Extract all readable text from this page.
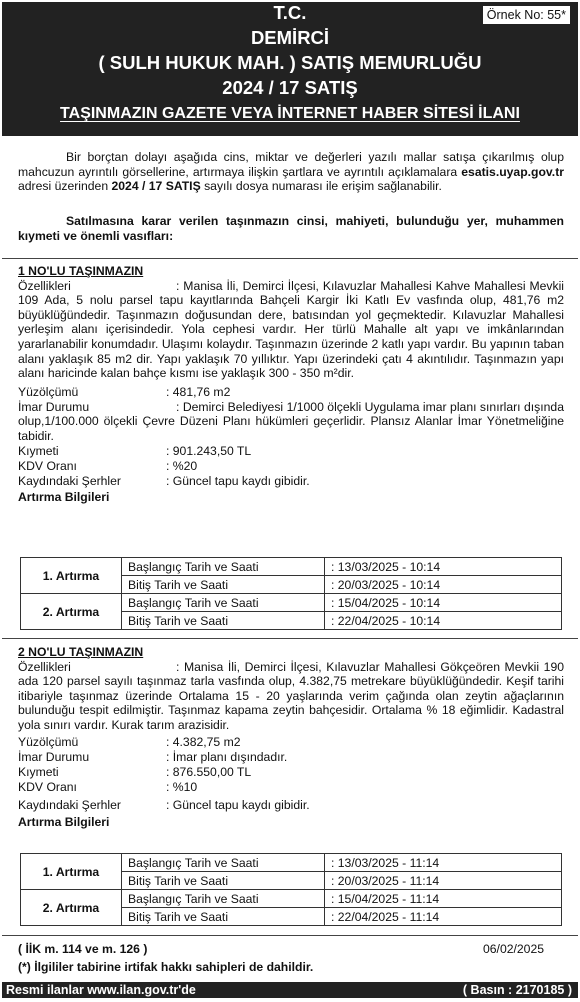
Örnek No: 55*
T.C.
DEMİRCİ
( SULH HUKUK MAH. ) SATIŞ MEMURLUĞU
2024 / 17 SATIŞ
TAŞINMAZIN GAZETE VEYA İNTERNET HABER SİTESİ İLANI

Bir borçtan dolayı aşağıda cins, miktar ve değerleri yazılı mallar satışa çıkarılmış olup mahcuzun ayrıntılı görsellerine, artırmaya ilişkin şartlara ve ayrıntılı açıklamalara esatis.uyap.gov.tr adresi üzerinden 2024 / 17 SATIŞ sayılı dosya numarası ile erişim sağlanabilir.

Satılmasına karar verilen taşınmazın cinsi, mahiyeti, bulunduğu yer, muhammen kıymeti ve önemli vasıfları:
1 NO'LU TAŞINMAZIN
Özellikleri	: Manisa İli, Demirci İlçesi, Kılavuzlar Mahallesi Kahve Mahallesi Mevkii 109 Ada, 5 nolu parsel tapu kayıtlarında Bahçeli Kargir İki Katlı Ev vasfında olup, 481,76 m2 büyüklüğündedir. Taşınmazın doğusundan dere, batısından yol geçmektedir. Kılavuzlar Mahallesi yerleşim alanı içerisindedir. Yola cephesi vardır. Her türlü Mahalle alt yapı ve imkânlarından yararlanabilir konumdadır. Ulaşımı kolaydır. Taşınmazın üzerinde 2 katlı yapı vardır. Bu yapının taban alanı yaklaşık 85 m2 dir. Yapı yaklaşık 70 yıllıktır. Yapı üzerindeki çatı 4 akıntılıdır. Taşınmazın yapı alanı haricinde kalan bahçe kısmı ise yaklaşık 300 - 350 m²dir.
Yüzölçümü	: 481,76 m2
İmar Durumu	: Demirci Belediyesi 1/1000 ölçekli Uygulama imar planı sınırları dışında olup,1/100.000 ölçekli Çevre Düzeni Planı hükümleri geçerlidir. Plansız Alanlar İmar Yönetmeliğine tabidir.
Kıymeti	: 901.243,50 TL
KDV Oranı	: %20
Kaydındaki Şerhler	: Güncel tapu kaydı gibidir.
Artırma Bilgileri
1. Artırma	Başlangıç Tarih ve Saati	: 13/03/2025 - 10:14
	Bitiş Tarih ve Saati	: 20/03/2025 - 10:14
2. Artırma	Başlangıç Tarih ve Saati	: 15/04/2025 - 10:14
	Bitiş Tarih ve Saati	: 22/04/2025 - 10:14
2 NO'LU TAŞINMAZIN
Özellikleri	: Manisa İli, Demirci İlçesi, Kılavuzlar Mahallesi Gökçeören Mevkii 190 ada 120 parsel sayılı taşınmaz tarla vasfında olup, 4.382,75 metrekare büyüklüğündedir. Keşif tarihi itibariyle taşınmaz üzerinde Ortalama 15 - 20 yaşlarında verim çağında olan zeytin ağaçlarının bulunduğu tespit edilmiştir. Taşınmaz kapama zeytin bahçesidir. Ortalama % 18 eğimlidir. Kadastral yola sınırı vardır. Kurak tarım arazisidir.
Yüzölçümü	: 4.382,75 m2
İmar Durumu	: İmar planı dışındadır.
Kıymeti	: 876.550,00 TL
KDV Oranı	: %10
Kaydındaki Şerhler	: Güncel tapu kaydı gibidir.
Artırma Bilgileri
1. Artırma	Başlangıç Tarih ve Saati	: 13/03/2025 - 11:14
	Bitiş Tarih ve Saati	: 20/03/2025 - 11:14
2. Artırma	Başlangıç Tarih ve Saati	: 15/04/2025 - 11:14
	Bitiş Tarih ve Saati	: 22/04/2025 - 11:14
( İİK m. 114 ve m. 126 )	06/02/2025
(*) İlgililer tabirine irtifak hakkı sahipleri de dahildir.
Resmi ilanlar www.ilan.gov.tr'de	( Basın : 2170185 )
